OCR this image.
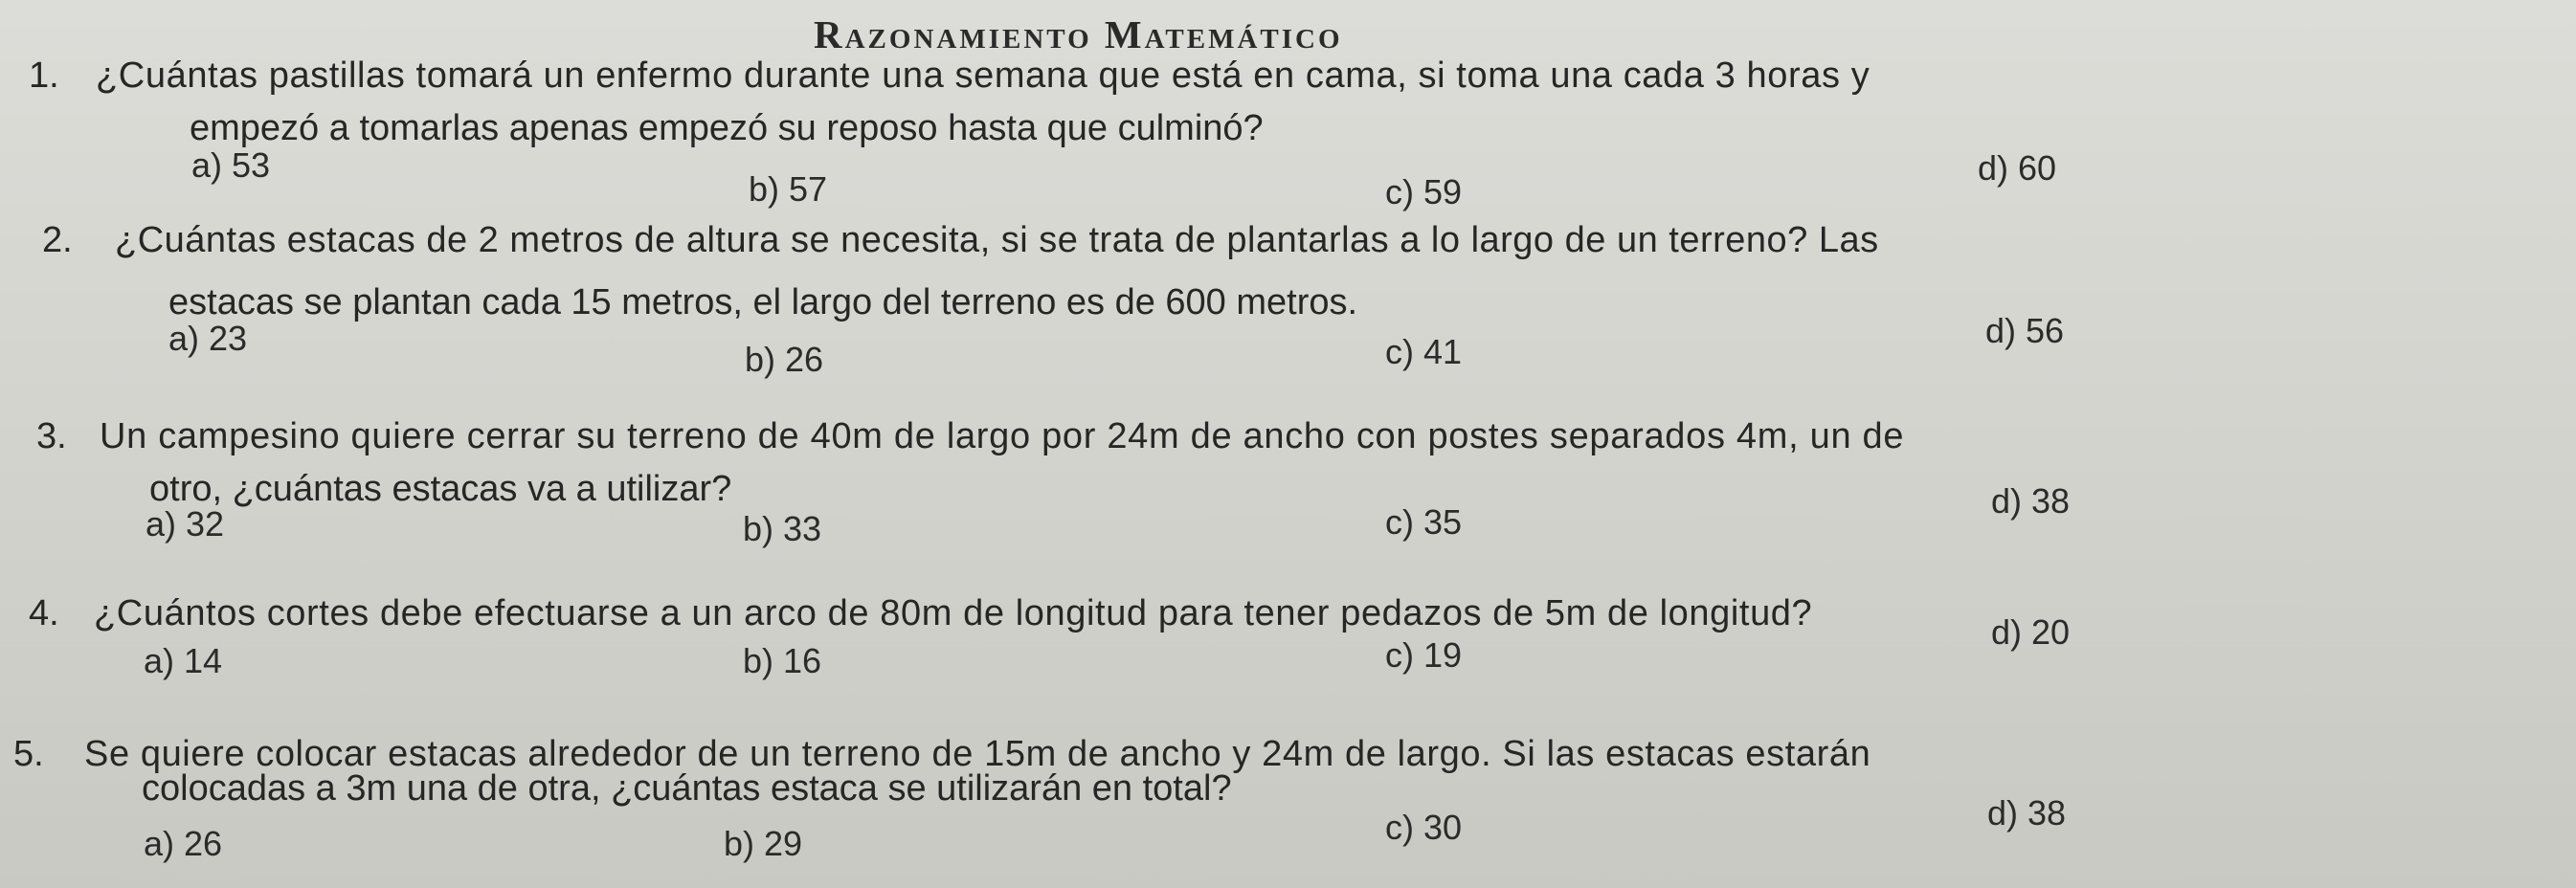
Razonamiento Matemático
1. ¿Cuántas pastillas tomará un enfermo durante una semana que está en cama, si toma una cada 3 horas y
empezó a tomarlas apenas empezó su reposo hasta que culminó?
a) 53
b) 57	c) 59
d) 60
2. ¿Cuántas estacas de 2 metros de altura se necesita, si se trata de plantarlas a lo largo de un terreno? Las
estacas se plantan cada 15 metros, el largo del terreno es de 600 metros.
a) 23
b) 26	c) 41
d) 56
3. Un campesino quiere cerrar su terreno de 40m de largo por 24m de ancho con postes separados 4m, un de
otro, ¿cuántas estacas va a utilizar?
a) 32	b) 33	c) 35
d) 38
4. ¿Cuántos cortes debe efectuarse a un arco de 80m de longitud para tener pedazos de 5m de longitud?
a) 14	b) 16	c) 19
d) 20
5. Se quiere colocar estacas alrededor de un terreno de 15m de ancho y 24m de largo. Si las estacas estarán
colocadas a 3m una de otra, ¿cuántas estaca se utilizarán en total?
a) 26	b) 29	c) 30	d) 38
